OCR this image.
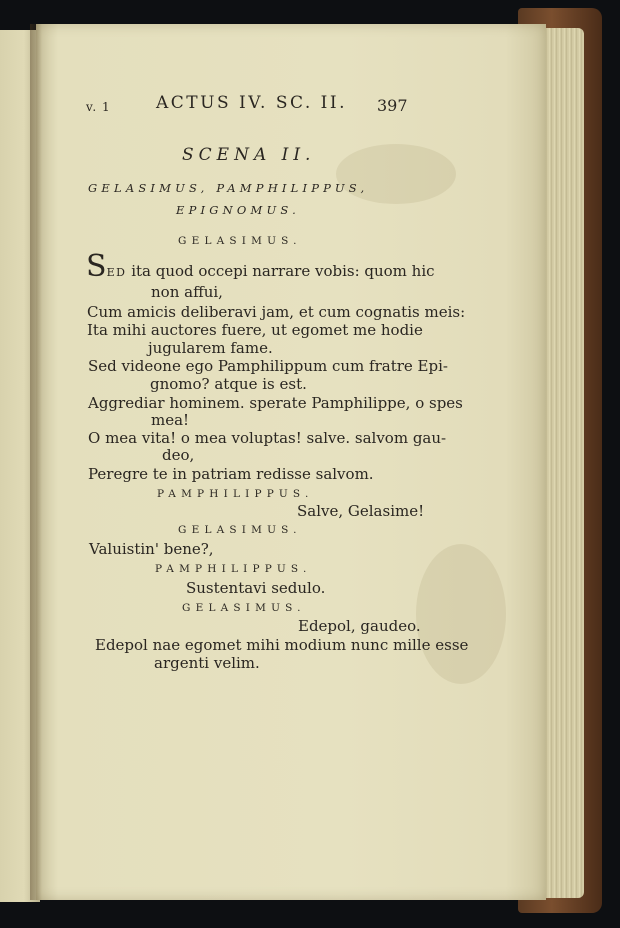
v. 1	ACTUS IV. SC. II. 397
SCENA II.
GELASIMUS, PAMPHILIPPUS,
EPIGNOMUS.
GELASIMUS.
SED ita quod occepi narrare vobis: quom hic
non affui,
Cum amicis deliberavi jam, et cum cognatis meis:
Ita mihi auctores fuere, ut egomet me hodie
jugularem fame.
Sed videone ego Pamphilippum cum fratre Epi-
gnomo? atque is est.
Aggrediar hominem. sperate Pamphilippe, o spes
mea!
O mea vita! o mea voluptas! salve. salvom gau-
deo,
Peregre te in patriam redisse salvom.
PAMPHILIPPUS.
Salve, Gelasime!
GELASIMUS.
Valuistin' bene?,
PAMPHILIPPUS.
Sustentavi sedulo.
GELASIMUS.
Edepol, gaudeo.
Edepol nae egomet mihi modium nunc mille esse
argenti velim.
